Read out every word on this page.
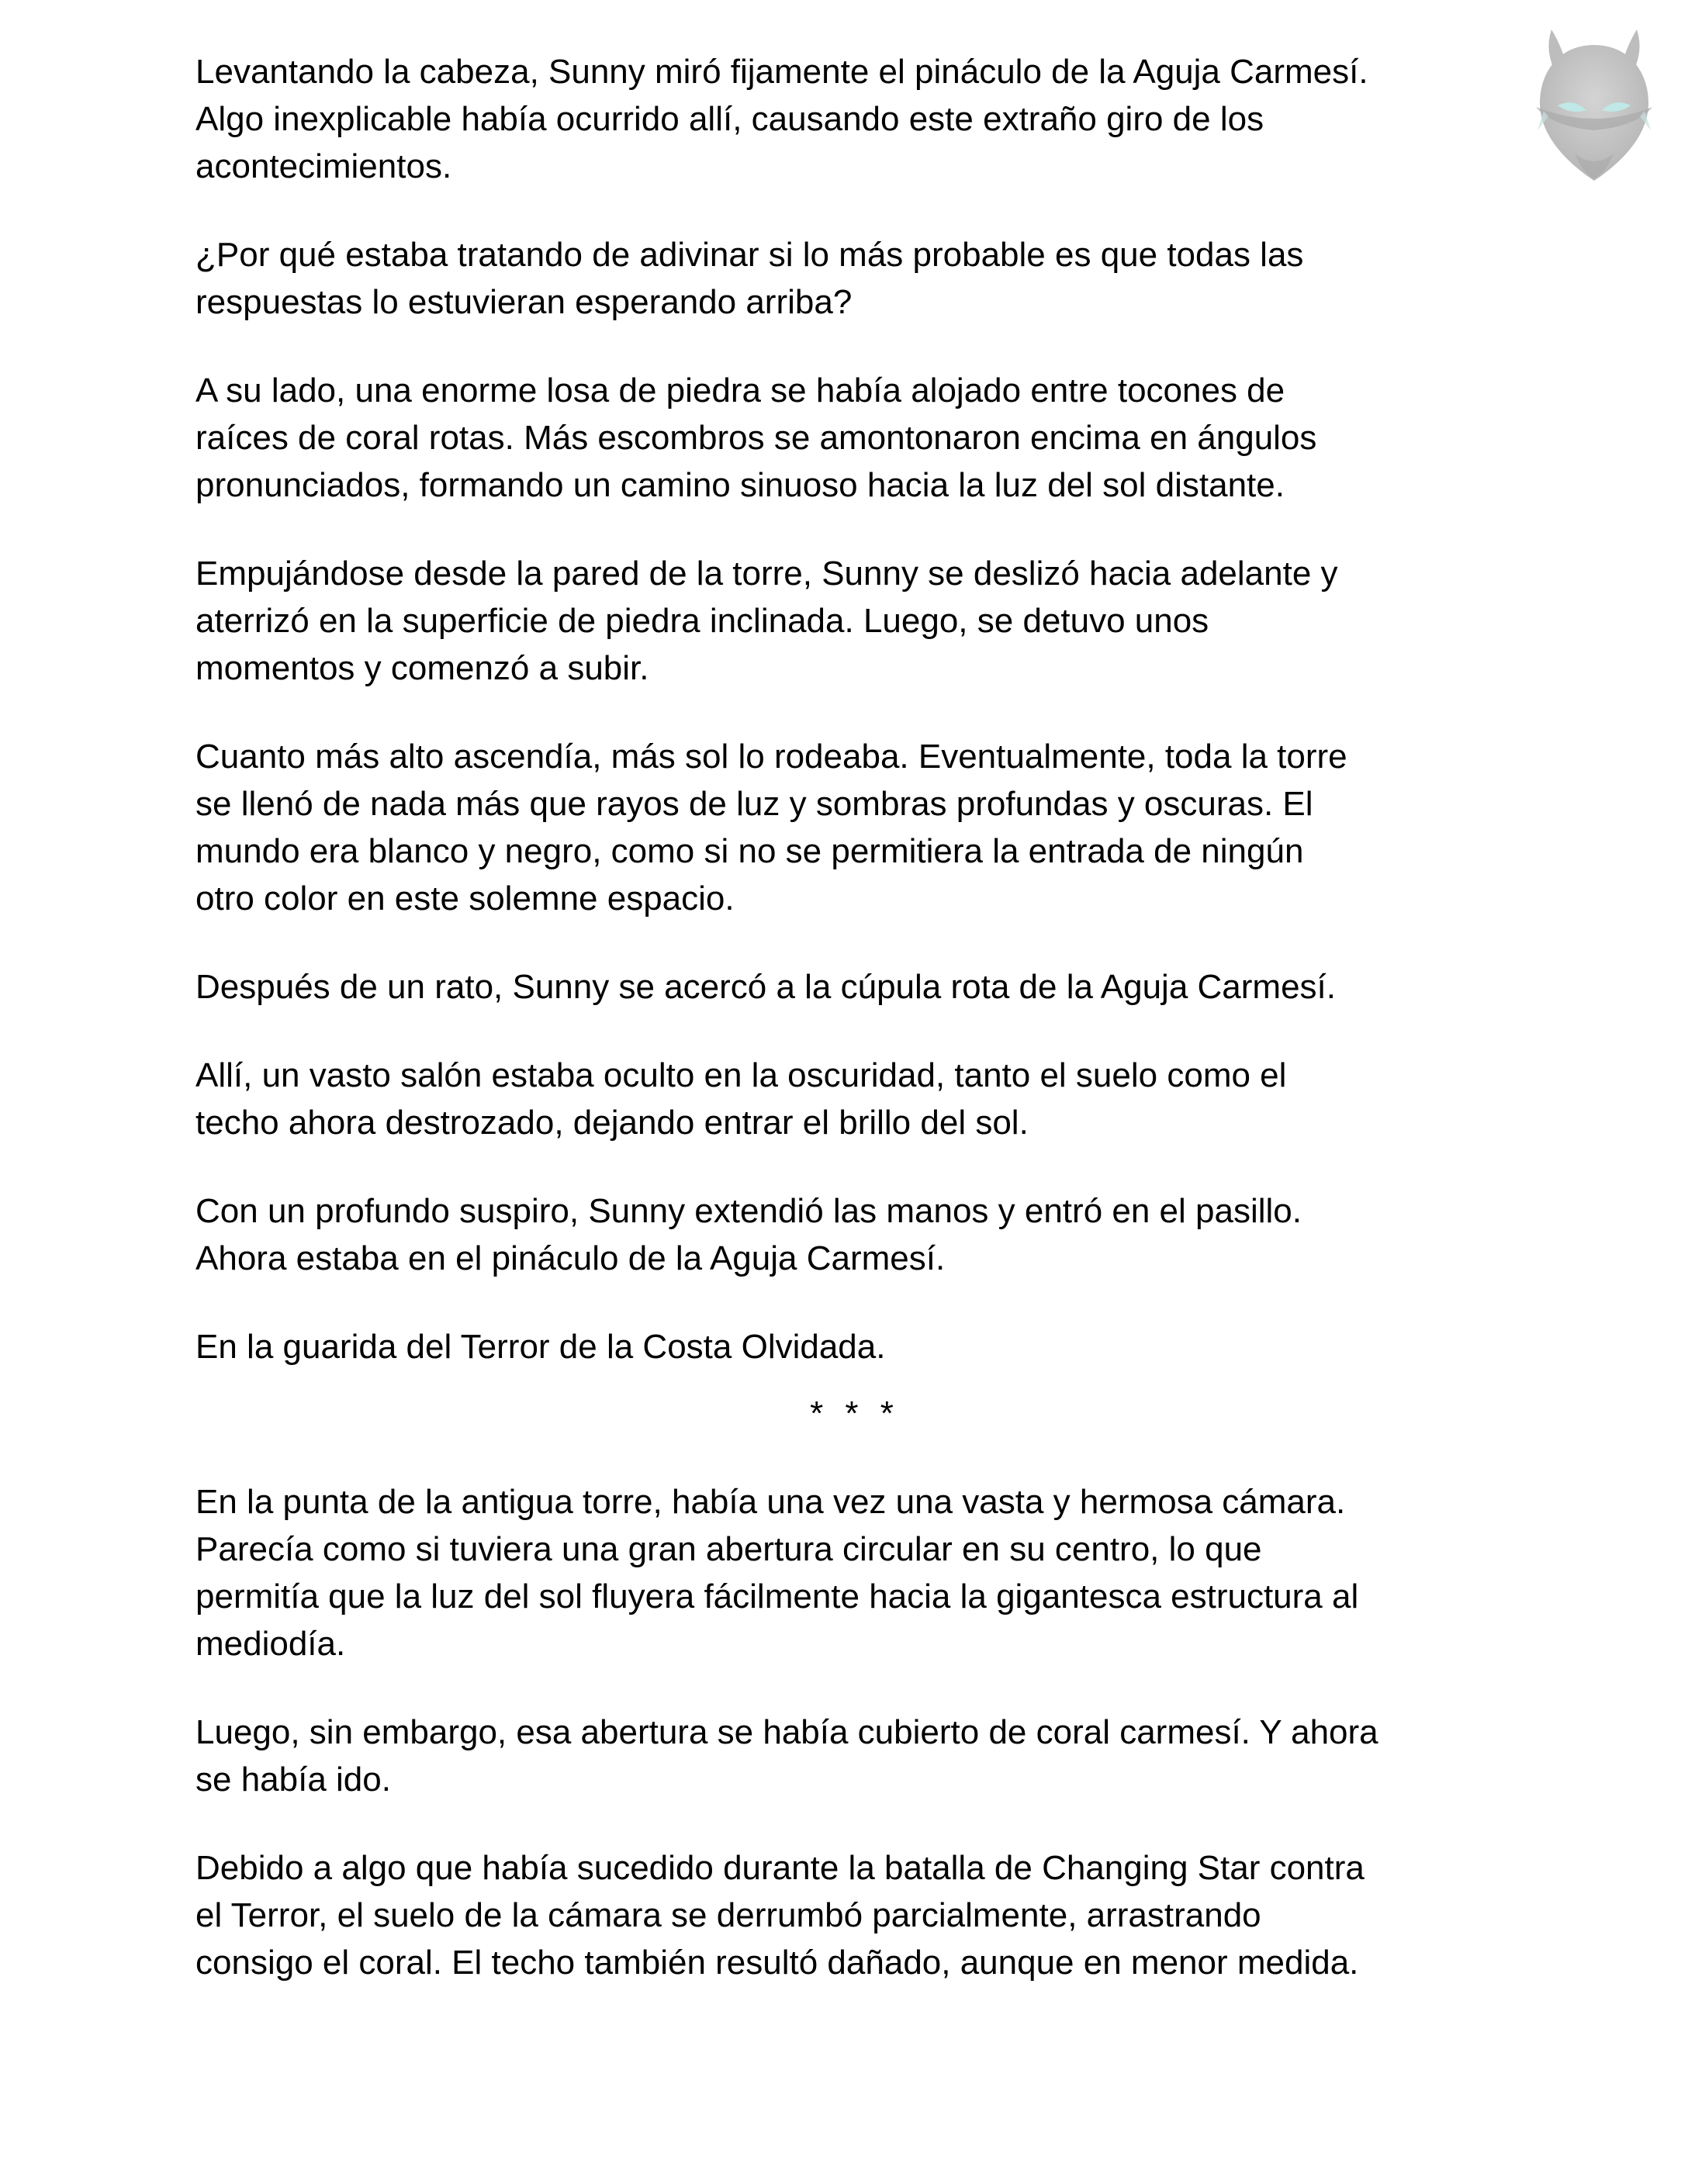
Levantando la cabeza, Sunny miró fijamente el pináculo de la Aguja Carmesí.
Algo inexplicable había ocurrido allí, causando este extraño giro de los
acontecimientos.

¿Por qué estaba tratando de adivinar si lo más probable es que todas las
respuestas lo estuvieran esperando arriba?

A su lado, una enorme losa de piedra se había alojado entre tocones de
raíces de coral rotas. Más escombros se amontonaron encima en ángulos
pronunciados, formando un camino sinuoso hacia la luz del sol distante.

Empujándose desde la pared de la torre, Sunny se deslizó hacia adelante y
aterrizó en la superficie de piedra inclinada. Luego, se detuvo unos
momentos y comenzó a subir.

Cuanto más alto ascendía, más sol lo rodeaba. Eventualmente, toda la torre
se llenó de nada más que rayos de luz y sombras profundas y oscuras. El
mundo era blanco y negro, como si no se permitiera la entrada de ningún
otro color en este solemne espacio.

Después de un rato, Sunny se acercó a la cúpula rota de la Aguja Carmesí.

Allí, un vasto salón estaba oculto en la oscuridad, tanto el suelo como el
techo ahora destrozado, dejando entrar el brillo del sol.

Con un profundo suspiro, Sunny extendió las manos y entró en el pasillo.
Ahora estaba en el pináculo de la Aguja Carmesí.

En la guarida del Terror de la Costa Olvidada.

* * *

En la punta de la antigua torre, había una vez una vasta y hermosa cámara.
Parecía como si tuviera una gran abertura circular en su centro, lo que
permitía que la luz del sol fluyera fácilmente hacia la gigantesca estructura al
mediodía.

Luego, sin embargo, esa abertura se había cubierto de coral carmesí. Y ahora
se había ido.

Debido a algo que había sucedido durante la batalla de Changing Star contra
el Terror, el suelo de la cámara se derrumbó parcialmente, arrastrando
consigo el coral. El techo también resultó dañado, aunque en menor medida.
